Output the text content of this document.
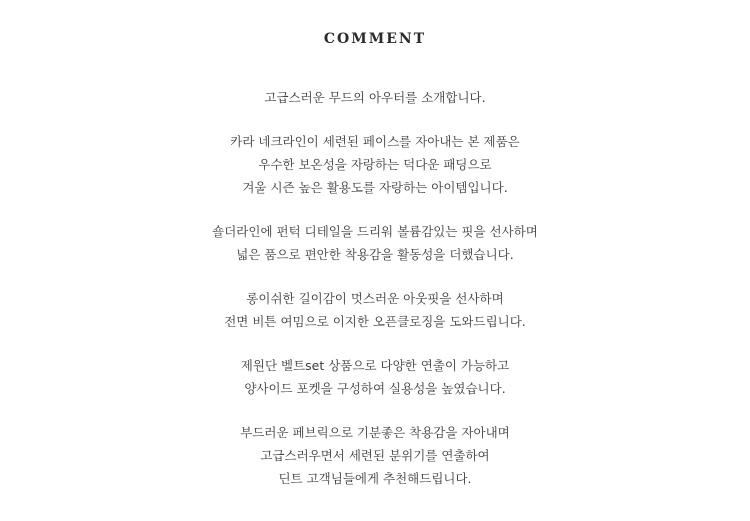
COMMENT
고급스러운 무드의 아우터를 소개합니다.
카라 네크라인이 세련된 페이스를 자아내는 본 제품은
우수한 보온성을 자랑하는 덕다운 패딩으로
겨울 시즌 높은 활용도를 자랑하는 아이템입니다.
숄더라인에 펀턱 디테일을 드리워 볼륨감있는 핏을 선사하며
넓은 품으로 편안한 착용감을 활동성을 더했습니다.
롱이쉬한 길이감이 멋스러운 아웃핏을 선사하며
전면 비튼 여밈으로 이지한 오픈클로징을 도와드립니다.
제원단 벨트set 상품으로 다양한 연출이 가능하고
양사이드 포켓을 구성하여 실용성을 높였습니다.
부드러운 페브릭으로 기분좋은 착용감을 자아내며
고급스러우면서 세련된 분위기를 연출하여
딘트 고객님들에게 추천해드립니다.
